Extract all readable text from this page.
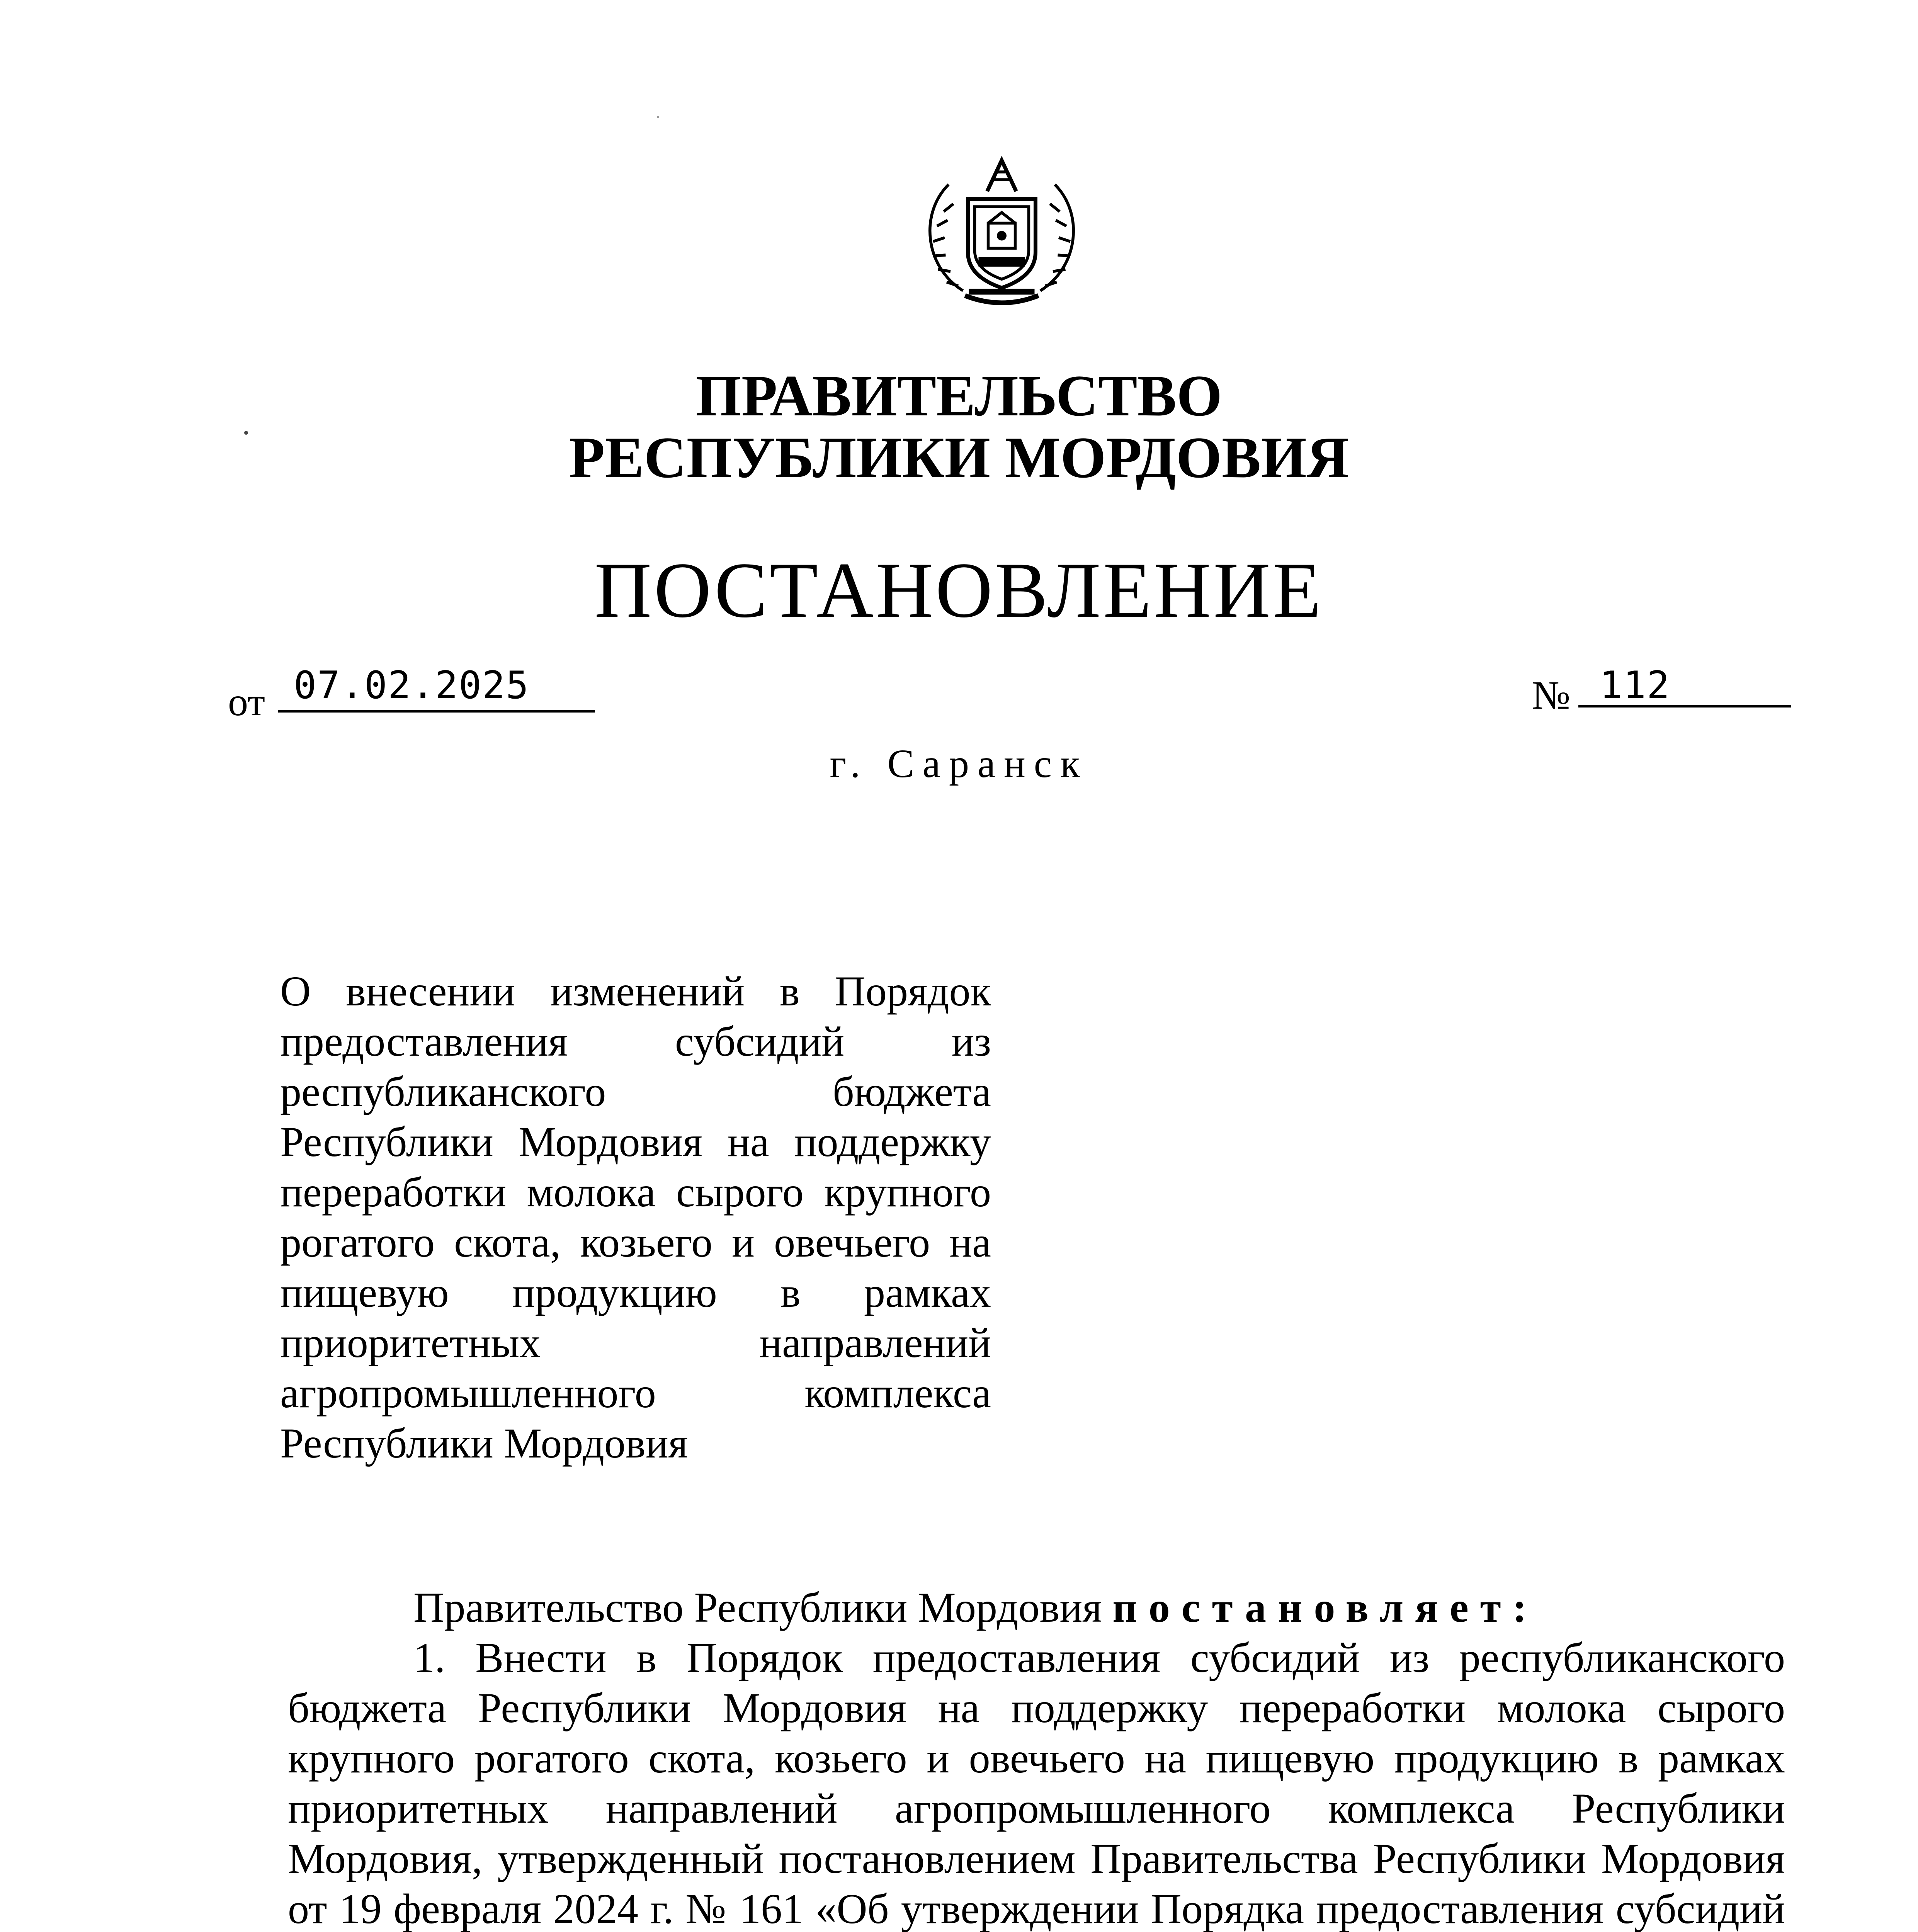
ПРАВИТЕЛЬСТВО
РЕСПУБЛИКИ МОРДОВИЯ
ПОСТАНОВЛЕНИЕ
от 07.02.2025	№ 112
г. Саранск

О внесении изменений в Порядок предоставления субсидий из республиканского бюджета Республики Мордовия на поддержку переработки молока сырого крупного рогатого скота, козьего и овечьего на пищевую продукцию в рамках приоритетных направлений агропромышленного комплекса Республики Мордовия

Правительство Республики Мордовия постановляет:

1. Внести в Порядок предоставления субсидий из республиканского бюджета Республики Мордовия на поддержку переработки молока сырого крупного рогатого скота, козьего и овечьего на пищевую продукцию в рамках приоритетных направлений агропромышленного комплекса Республики Мордовия, утвержденный постановлением Правительства Республики Мордовия от 19 февраля 2024 г. № 161 «Об утверждении Порядка предоставления субсидий
